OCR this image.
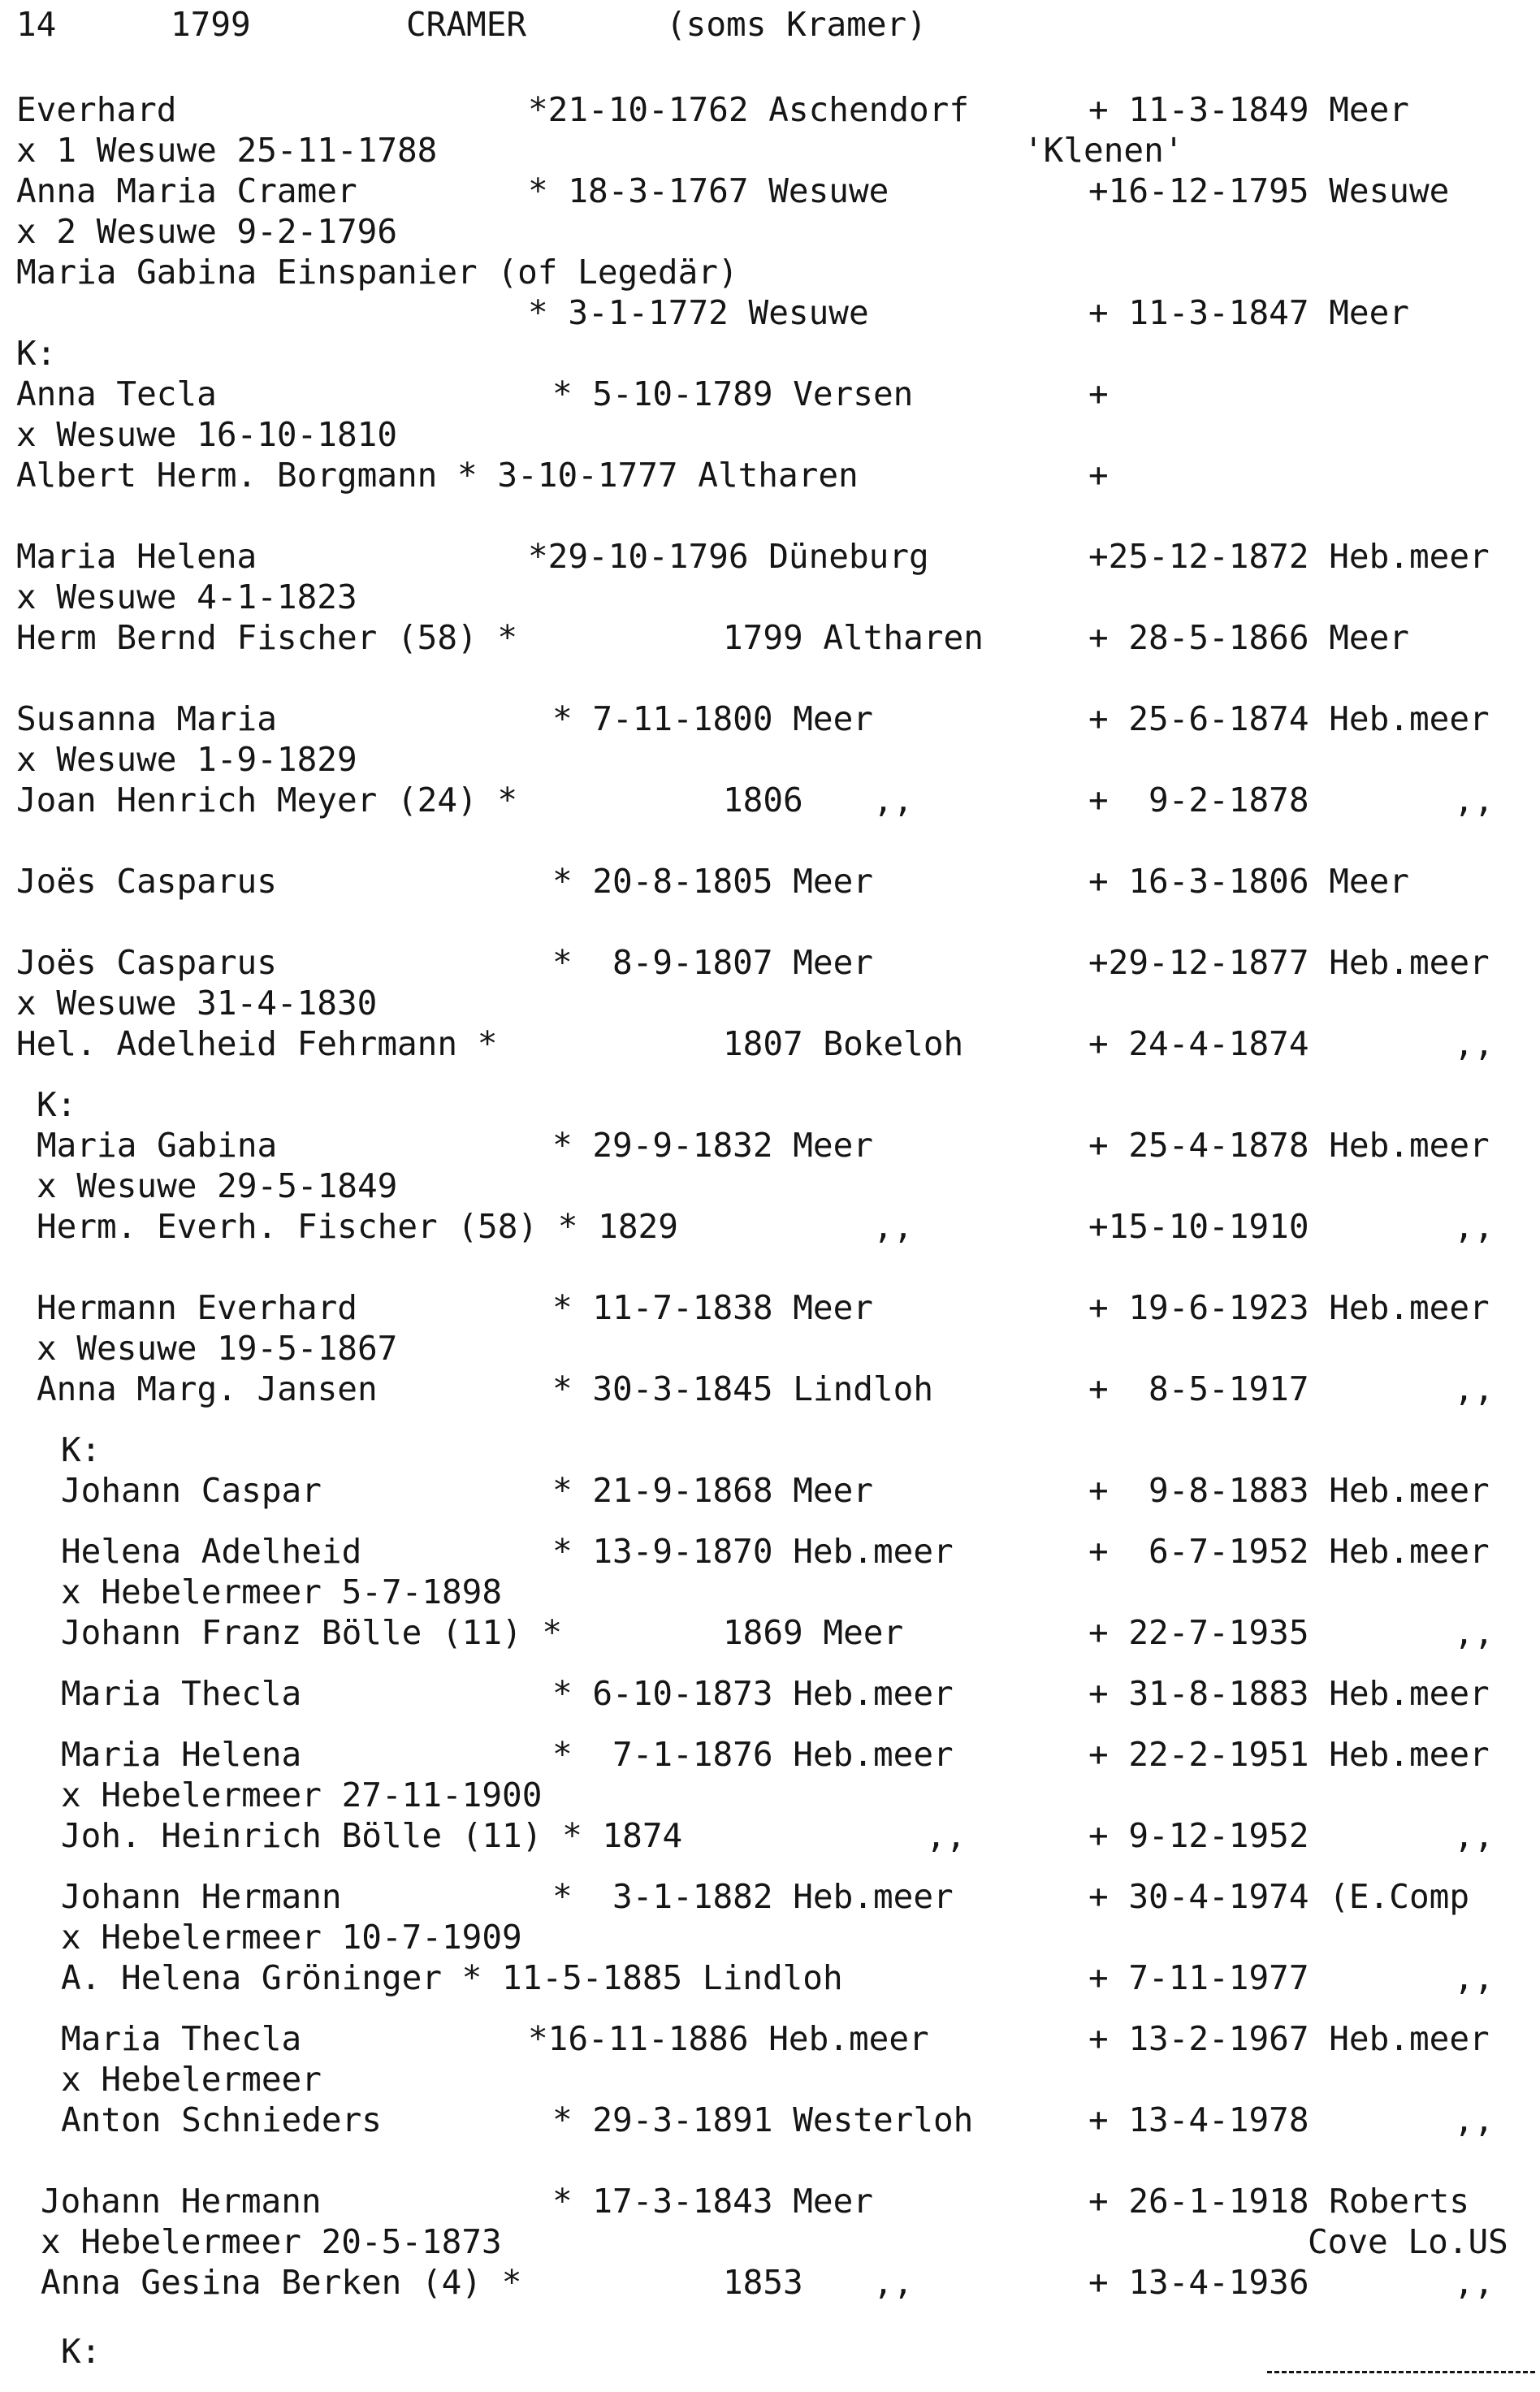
14	1799	CRAMER	(soms Kramer)
Everhard	*21-10-1762 Aschendorf	+ 11-3-1849 Meer
x 1 Wesuwe 25-11-1788	'Klenen'
Anna Maria Cramer	* 18-3-1767 Wesuwe	+16-12-1795 Wesuwe
x 2 Wesuwe 9-2-1796
Maria Gabina Einspanier (of Legedär)
* 3-1-1772 Wesuwe	+ 11-3-1847 Meer
K:
Anna Tecla	* 5-10-1789 Versen	+
x Wesuwe 16-10-1810
Albert Herm. Borgmann * 3-10-1777 Altharen	+
Maria Helena	*29-10-1796 Düneburg	+25-12-1872 Heb.meer
x Wesuwe 4-1-1823
Herm Bernd Fischer (58) *	1799 Altharen	+ 28-5-1866 Meer
Susanna Maria	* 7-11-1800 Meer	+ 25-6-1874 Heb.meer
x Wesuwe 1-9-1829
Joan Henrich Meyer (24) *	1806 ,,	+  9-2-1878	,,
Joës Casparus	* 20-8-1805 Meer	+ 16-3-1806 Meer
Joës Casparus	*  8-9-1807 Meer	+29-12-1877 Heb.meer
x Wesuwe 31-4-1830
Hel. Adelheid Fehrmann *	1807 Bokeloh	+ 24-4-1874	,,
K:
Maria Gabina	* 29-9-1832 Meer	+ 25-4-1878 Heb.meer
x Wesuwe 29-5-1849
Herm. Everh. Fischer (58) * 1829	,,	+15-10-1910	,,
Hermann Everhard	* 11-7-1838 Meer	+ 19-6-1923 Heb.meer
x Wesuwe 19-5-1867
Anna Marg. Jansen	* 30-3-1845 Lindloh	+  8-5-1917	,,
K:
Johann Caspar	* 21-9-1868 Meer	+  9-8-1883 Heb.meer
Helena Adelheid	* 13-9-1870 Heb.meer	+  6-7-1952 Heb.meer
x Hebelermeer 5-7-1898
Johann Franz Bölle (11) *	1869 Meer	+ 22-7-1935	,,
Maria Thecla	* 6-10-1873 Heb.meer	+ 31-8-1883 Heb.meer
Maria Helena	*  7-1-1876 Heb.meer	+ 22-2-1951 Heb.meer
x Hebelermeer 27-11-1900
Joh. Heinrich Bölle (11) * 1874	,,	+ 9-12-1952	,,
Johann Hermann	*  3-1-1882 Heb.meer	+ 30-4-1974 (E.Comp
x Hebelermeer 10-7-1909
A. Helena Gröninger * 11-5-1885 Lindloh	+ 7-11-1977	,,
Maria Thecla	*16-11-1886 Heb.meer	+ 13-2-1967 Heb.meer
x Hebelermeer
Anton Schnieders	* 29-3-1891 Westerloh	+ 13-4-1978	,,
Johann Hermann	* 17-3-1843 Meer	+ 26-1-1918 Roberts
x Hebelermeer 20-5-1873	Cove Lo.US
Anna Gesina Berken (4) *	1853 ,,	+ 13-4-1936	,,
K:
